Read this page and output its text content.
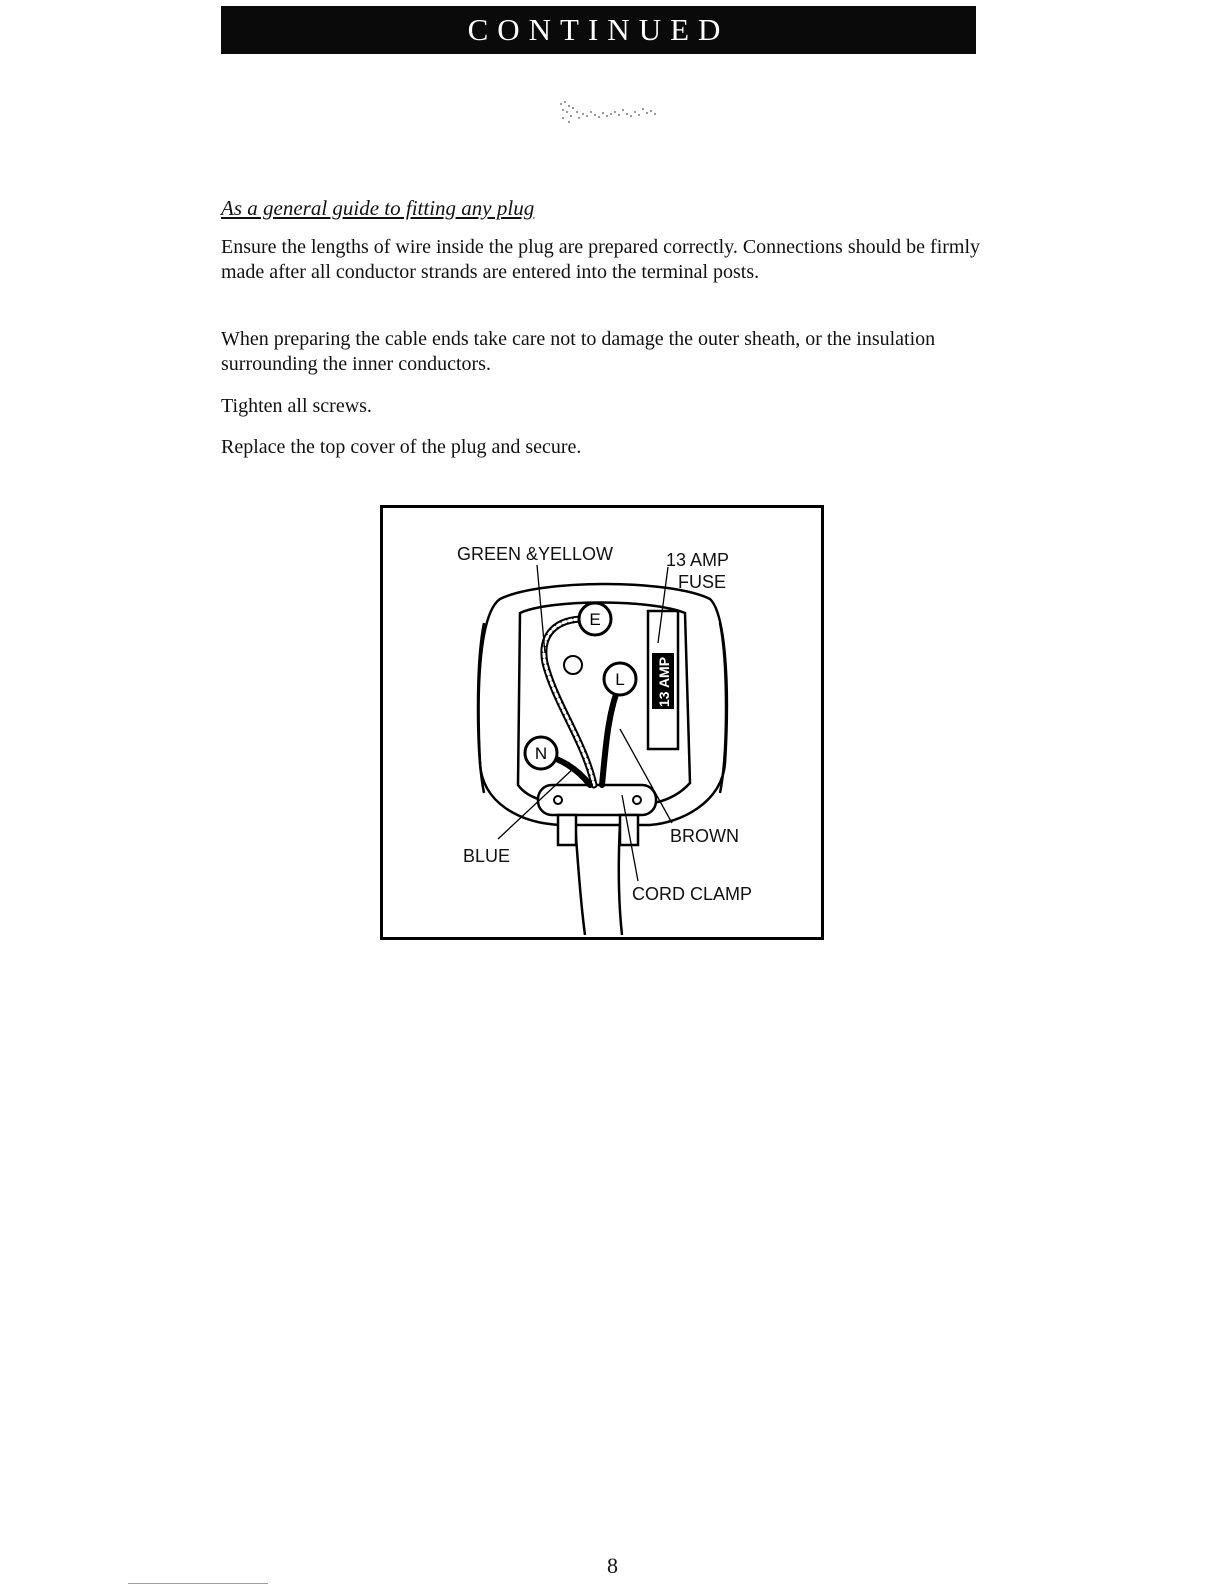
CONTINUED
As a general guide to fitting any plug

Ensure the lengths of wire inside the plug are prepared correctly. Connections should be firmly made after all conductor strands are entered into the terminal posts.

When preparing the cable ends take care not to damage the outer sheath, or the insulation surrounding the inner conductors.

Tighten all screws.

Replace the top cover of the plug and secure.

13 AMP
E
L
N
GREEN &YELLOW	13 AMP
FUSE
BROWN
BLUE
CORD CLAMP
8
